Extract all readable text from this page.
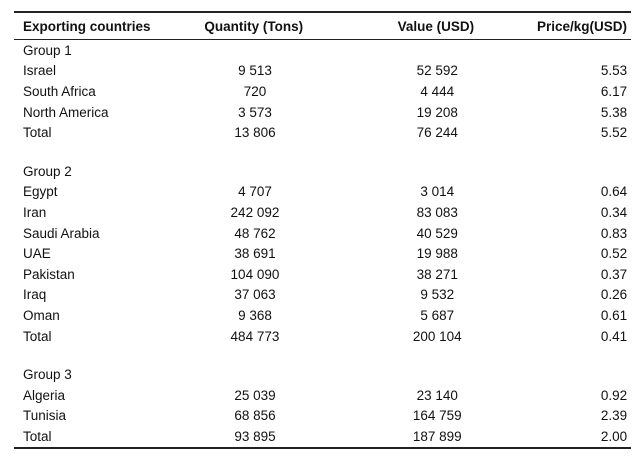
Exporting countries	Quantity (Tons)	Value (USD)	Price/kg(USD)
Group 1			
Israel	9 513	52 592	5.53
South Africa	720	4 444	6.17
North America	3 573	19 208	5.38
Total	13 806	76 244	5.52

Group 2			
Egypt	4 707	3 014	0.64
Iran	242 092	83 083	0.34
Saudi Arabia	48 762	40 529	0.83
UAE	38 691	19 988	0.52
Pakistan	104 090	38 271	0.37
Iraq	37 063	9 532	0.26
Oman	9 368	5 687	0.61
Total	484 773	200 104	0.41

Group 3			
Algeria	25 039	23 140	0.92
Tunisia	68 856	164 759	2.39
Total	93 895	187 899	2.00
